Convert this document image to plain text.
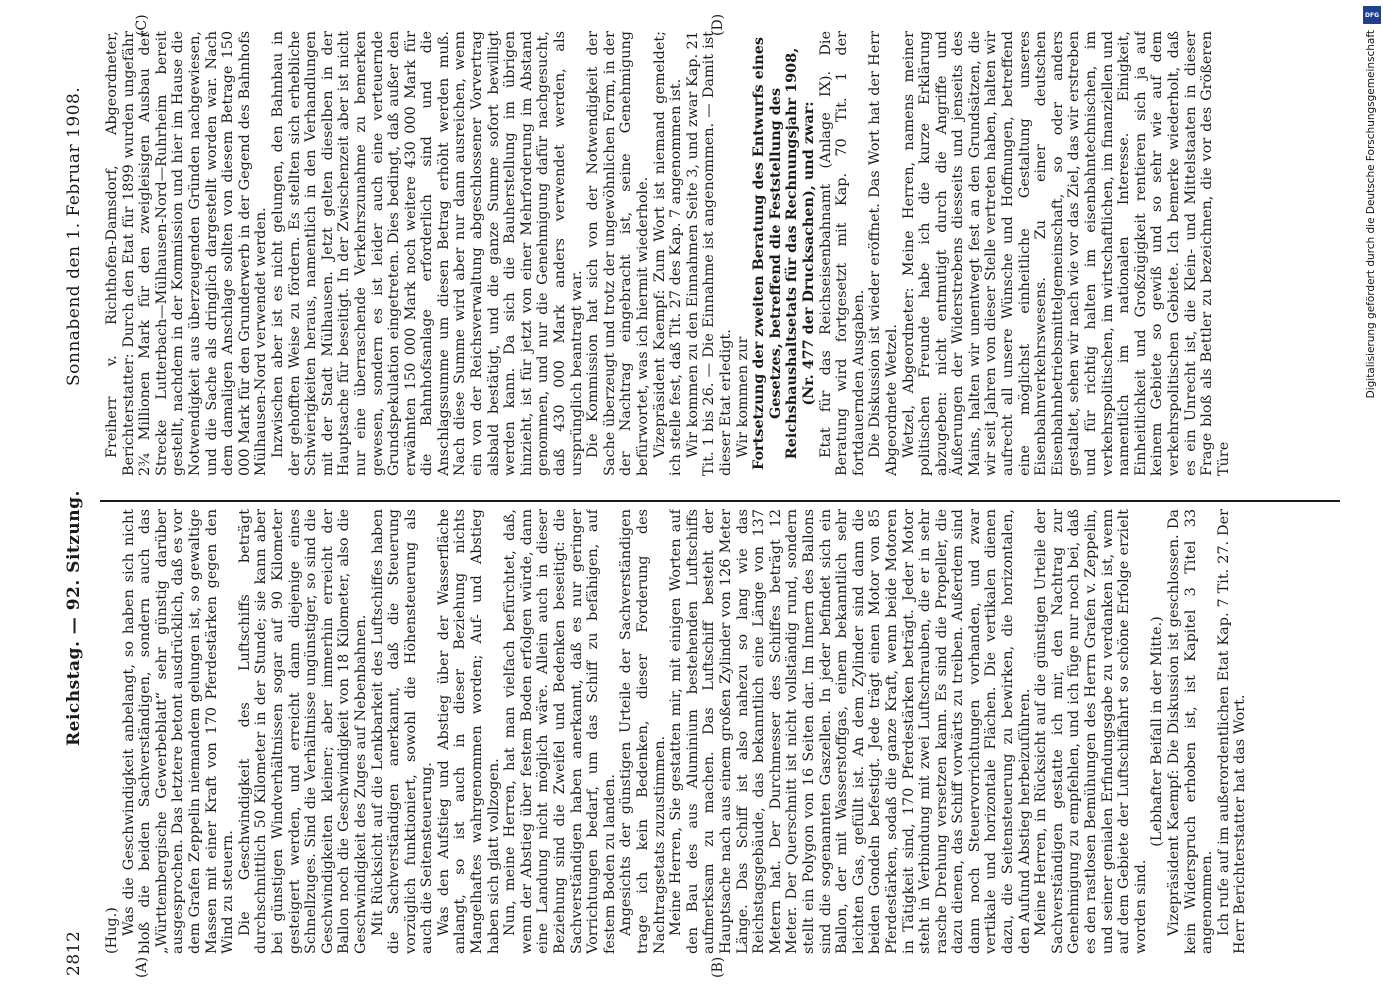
2812
Reichstag. — 92. Sitzung.
Sonnabend den 1. Februar 1908.
(A)	(B)
(C)	(D)

(Hug.) Was die Geschwindigkeit anbelangt, so haben sich nicht bloß die beiden Sachverständigen, sondern auch das „Württembergische Gewerbeblatt“ sehr günstig darüber ausgesprochen. Das letztere betont ausdrücklich, daß es vor dem Grafen Zeppelin niemandem gelungen ist, so gewaltige Massen mit einer Kraft von 170 Pferdestärken gegen den Wind zu steuern. Die Geschwindigkeit des Luftschiffs beträgt durchschnittlich 50 Kilometer in der Stunde; sie kann aber bei günstigen Windverhältnissen sogar auf 90 Kilometer gesteigert werden, und erreicht dann diejenige eines Schnellzuges. Sind die Verhältnisse ungünstiger, so sind die Geschwindigkeiten kleiner; aber immerhin erreicht der Ballon noch die Geschwindigkeit von 18 Kilometer, also die Geschwindigkeit des Zuges auf Nebenbahnen. Mit Rücksicht auf die Lenkbarkeit des Luftschiffes haben die Sachverständigen anerkannt, daß die Steuerung vorzüglich funktioniert, sowohl die Höhensteuerung als auch die Seitensteuerung. Was den Aufstieg und Abstieg über der Wasserfläche anlangt, so ist auch in dieser Beziehung nichts Mangelhaftes wahrgenommen worden; Auf- und Abstieg haben sich glatt vollzogen. Nun, meine Herren, hat man vielfach befürchtet, daß, wenn der Abstieg über festem Boden erfolgen würde, dann eine Landung nicht möglich wäre. Allein auch in dieser Beziehung sind die Zweifel und Bedenken beseitigt: die Sachverständigen haben anerkannt, daß es nur geringer Vorrichtungen bedarf, um das Schiff zu befähigen, auf festem Boden zu landen. Angesichts der günstigen Urteile der Sachverständigen trage ich kein Bedenken, dieser Forderung des Nachtragsetats zuzustimmen. Meine Herren, Sie gestatten mir, mit einigen Worten auf den Bau des aus Aluminium bestehenden Luftschiffs aufmerksam zu machen. Das Luftschiff besteht der Hauptsache nach aus einem großen Zylinder von 126 Meter Länge. Das Schiff ist also nahezu so lang wie das Reichstagsgebäude, das bekanntlich eine Länge von 137 Metern hat. Der Durchmesser des Schiffes beträgt 12 Meter. Der Querschnitt ist nicht vollständig rund, sondern stellt ein Polygon von 16 Seiten dar. Im Innern des Ballons sind die sogenannten Gaszellen. In jeder befindet sich ein Ballon, der mit Wasserstoffgas, einem bekanntlich sehr leichten Gas, gefüllt ist. An dem Zylinder sind dann die beiden Gondeln befestigt. Jede trägt einen Motor von 85 Pferdestärken, sodaß die ganze Kraft, wenn beide Motoren in Tätigkeit sind, 170 Pferdestärken beträgt. Jeder Motor steht in Verbindung mit zwei Luftschrauben, die er in sehr rasche Drehung versetzen kann. Es sind die Propeller, die dazu dienen, das Schiff vorwärts zu treiben. Außerdem sind dann noch Steuervorrichtungen vorhanden, und zwar vertikale und horizontale Flächen. Die vertikalen dienen dazu, die Seitensteuerung zu bewirken, die horizontalen, den Aufund Abstieg herbeizuführen. Meine Herren, in Rücksicht auf die günstigen Urteile der Sachverständigen gestatte ich mir, den Nachtrag zur Genehmigung zu empfehlen, und ich füge nur noch bei, daß es den rastlosen Bemühungen des Herrn Grafen v. Zeppelin, und seiner genialen Erfindungsgabe zu verdanken ist, wenn auf dem Gebiete der Luftschiffahrt so schöne Erfolge erzielt worden sind.

(Lebhafter Beifall in der Mitte.) Vizepräsident Kaempf: Die Diskussion ist geschlossen. Da kein Widerspruch erhoben ist, ist Kapitel 3 Titel 33 angenommen. Ich rufe auf im außerordentlichen Etat Kap. 7 Tit. 27. Der Herr Berichterstatter hat das Wort.

Freiherr v. Richthofen-Damsdorf, Abgeordneter, Berichterstatter: Durch den Etat für 1899 wurden ungefähr 2¾ Millionen Mark für den zweigleisigen Ausbau der Strecke Lutterbach—Mülhausen-Nord—Ruhrheim bereit gestellt, nachdem in der Kommission und hier im Hause die Notwendigkeit aus überzeugenden Gründen nachgewiesen, und die Sache als dringlich dargestellt worden war. Nach dem damaligen Anschlage sollten von diesem Betrage 150 000 Mark für den Grunderwerb in der Gegend des Bahnhofs Mülhausen-Nord verwendet werden. Inzwischen aber ist es nicht gelungen, den Bahnbau in der gehofften Weise zu fördern. Es stellten sich erhebliche Schwierigkeiten heraus, namentlich in den Verhandlungen mit der Stadt Mülhausen. Jetzt gelten dieselben in der Hauptsache für beseitigt. In der Zwischenzeit aber ist nicht nur eine überraschende Verkehrszunahme zu bemerken gewesen, sondern es ist leider auch eine verteuernde Grundspekulation eingetreten. Dies bedingt, daß außer den erwähnten 150 000 Mark noch weitere 430 000 Mark für die Bahnhofsanlage erforderlich sind und die Anschlagssumme um diesen Betrag erhöht werden muß. Nach diese Summe wird aber nur dann ausreichen, wenn ein von der Reichsverwaltung abgeschlossener Vorvertrag alsbald bestätigt, und die ganze Summe sofort bewilligt werden kann. Da sich die Bauherstellung im übrigen hinzieht, ist für jetzt von einer Mehrforderung im Abstand genommen, und nur die Genehmigung dafür nachgesucht, daß 430 000 Mark anders verwendet werden, als ursprünglich beantragt war. Die Kommission hat sich von der Notwendigkeit der Sache überzeugt und trotz der ungewöhnlichen Form, in der der Nachtrag eingebracht ist, seine Genehmigung befürwortet, was ich hiermit wiederhole. Vizepräsident Kaempf: Zum Wort ist niemand gemeldet; ich stelle fest, daß Tit. 27 des Kap. 7 angenommen ist. Wir kommen zu den Einnahmen Seite 3, und zwar Kap. 21 Tit. 1 bis 26. — Die Einnahme ist angenommen. — Damit ist dieser Etat erledigt. Wir kommen zur Fortsetzung der zweiten Beratung des Entwurfs eines Gesetzes, betreffend die Feststellung des Reichshaushaltsetats für das Rechnungsjahr 1908, (Nr. 477 der Drucksachen), und zwar: Etat für das Reichseisenbahnamt (Anlage IX). Die Beratung wird fortgesetzt mit Kap. 70 Tit. 1 der fortdauernden Ausgaben. Die Diskussion ist wieder eröffnet. Das Wort hat der Herr Abgeordnete Wetzel. Wetzel, Abgeordneter: Meine Herren, namens meiner politischen Freunde habe ich die kurze Erklärung abzugeben: nicht entmutigt durch die Angriffe und Äußerungen der Widerstrebens diesseits und jenseits des Mains, halten wir unentwegt fest an den Grundsätzen, die wir seit Jahren von dieser Stelle vertreten haben, halten wir aufrecht all unsere Wünsche und Hoffnungen, betreffend eine möglichst einheitliche Gestaltung unseres Eisenbahnverkehrswesens. Zu einer deutschen Eisenbahnbetriebsmittelgemeinschaft, so oder anders gestaltet, sehen wir nach wie vor das Ziel, das wir erstreben und für richtig halten im eisenbahntechnischen, im verkehrspolitischen, im wirtschaftlichen, im finanziellen und namentlich im nationalen Interesse. Einigkeit, Einheitlichkeit und Großzügigkeit rentieren sich ja auf keinem Gebiete so gewiß und so sehr wie auf dem verkehrspolitischen Gebiete. Ich bemerke wiederholt, daß es ein Unrecht ist, die Klein- und Mittelstaaten in dieser Frage bloß als Bettler zu bezeichnen, die vor des Größeren Türe

DFG
Digitalisierung gefördert durch die Deutsche Forschungsgemeinschaft
